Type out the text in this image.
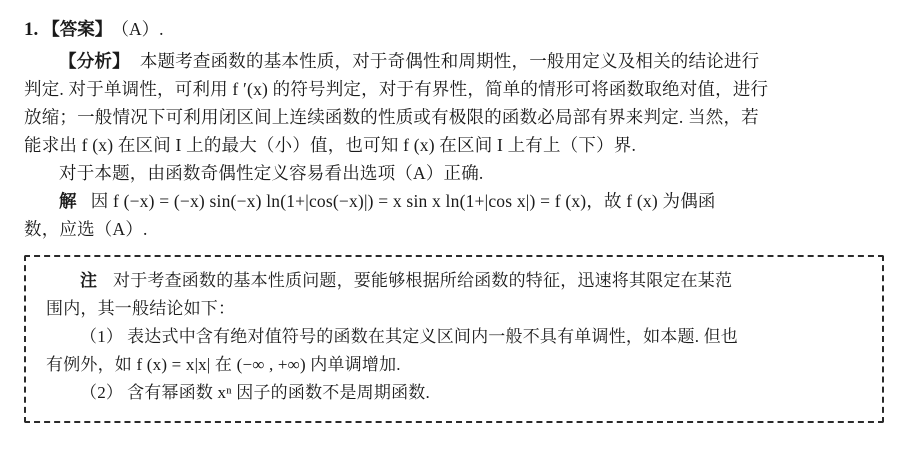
1. 【答案】 （A）.
【分析】 本题考查函数的基本性质，对于奇偶性和周期性，一般用定义及相关的结论进行
判定. 对于单调性，可利用 f ′(x) 的符号判定，对于有界性，简单的情形可将函数取绝对值，进行
放缩；一般情况下可利用闭区间上连续函数的性质或有极限的函数必局部有界来判定. 当然，若
能求出 f (x) 在区间 I 上的最大（小）值，也可知 f (x) 在区间 I 上有上（下）界.
对于本题，由函数奇偶性定义容易看出选项（A）正确.
解 因 f (−x) = (−x) sin(−x) ln(1+|cos(−x)|) = x sin x ln(1+|cos x|) = f (x)，故 f (x) 为偶函
数，应选（A）.
注 对于考查函数的基本性质问题，要能够根据所给函数的特征，迅速将其限定在某范
围内，其一般结论如下：
（1） 表达式中含有绝对值符号的函数在其定义区间内一般不具有单调性，如本题. 但也
有例外，如 f (x) = x|x| 在 (−∞ , +∞) 内单调增加.
（2） 含有幂函数 xⁿ 因子的函数不是周期函数.
